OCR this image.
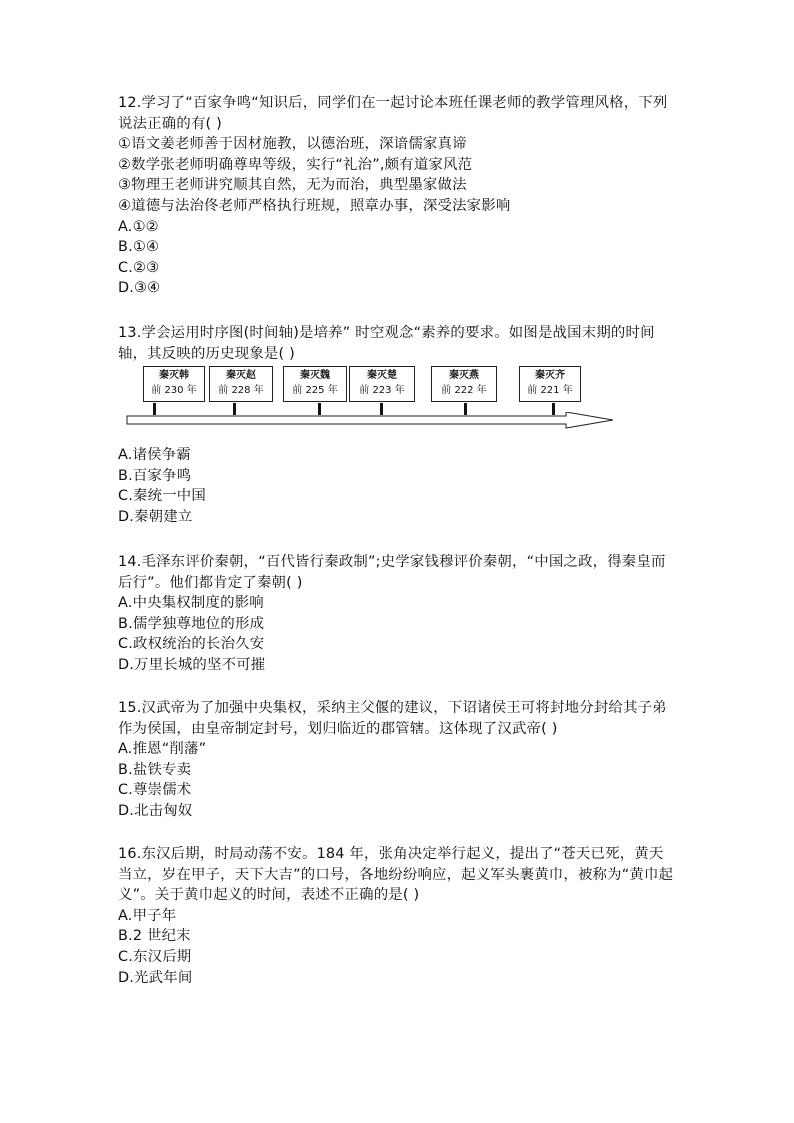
12.学习了“百家争鸣“知识后，同学们在一起讨论本班任课老师的教学管理风格，下列说法正确的有( )

①语文姜老师善于因材施教，以德治班，深谙儒家真谛

②数学张老师明确尊卑等级，实行“礼治”,颇有道家风范

③物理王老师讲究顺其自然，无为而治，典型墨家做法

④道德与法治佟老师严格执行班规，照章办事，深受法家影响

A.①②

B.①④

C.②③

D.③④

13.学会运用时序图(时间轴)是培养” 时空观念“素养的要求。如图是战国末期的时间轴，其反映的历史现象是( )

秦灭韩
前 230 年
秦灭赵
前 228 年
秦灭魏
前 225 年
秦灭楚
前 223 年
秦灭燕
前 222 年
秦灭齐
前 221 年

A.诸侯争霸

B.百家争鸣

C.秦统一中国

D.秦朝建立

14.毛泽东评价秦朝，“百代皆行秦政制”;史学家钱穆评价秦朝，“中国之政，得秦皇而后行”。他们都肯定了秦朝( )

A.中央集权制度的影响

B.儒学独尊地位的形成

C.政权统治的长治久安

D.万里长城的坚不可摧

15.汉武帝为了加强中央集权，采纳主父偃的建议，下诏诸侯王可将封地分封给其子弟作为侯国，由皇帝制定封号，划归临近的郡管辖。这体现了汉武帝( )

A.推恩“削藩”

B.盐铁专卖

C.尊崇儒术

D.北击匈奴

16.东汉后期，时局动荡不安。184 年，张角决定举行起义，提出了“苍天已死，黄天当立，岁在甲子，天下大吉”的口号，各地纷纷响应，起义军头裹黄巾，被称为“黄巾起义”。关于黄巾起义的时间，表述不正确的是( )

A.甲子年

B.2 世纪末

C.东汉后期

D.光武年间
